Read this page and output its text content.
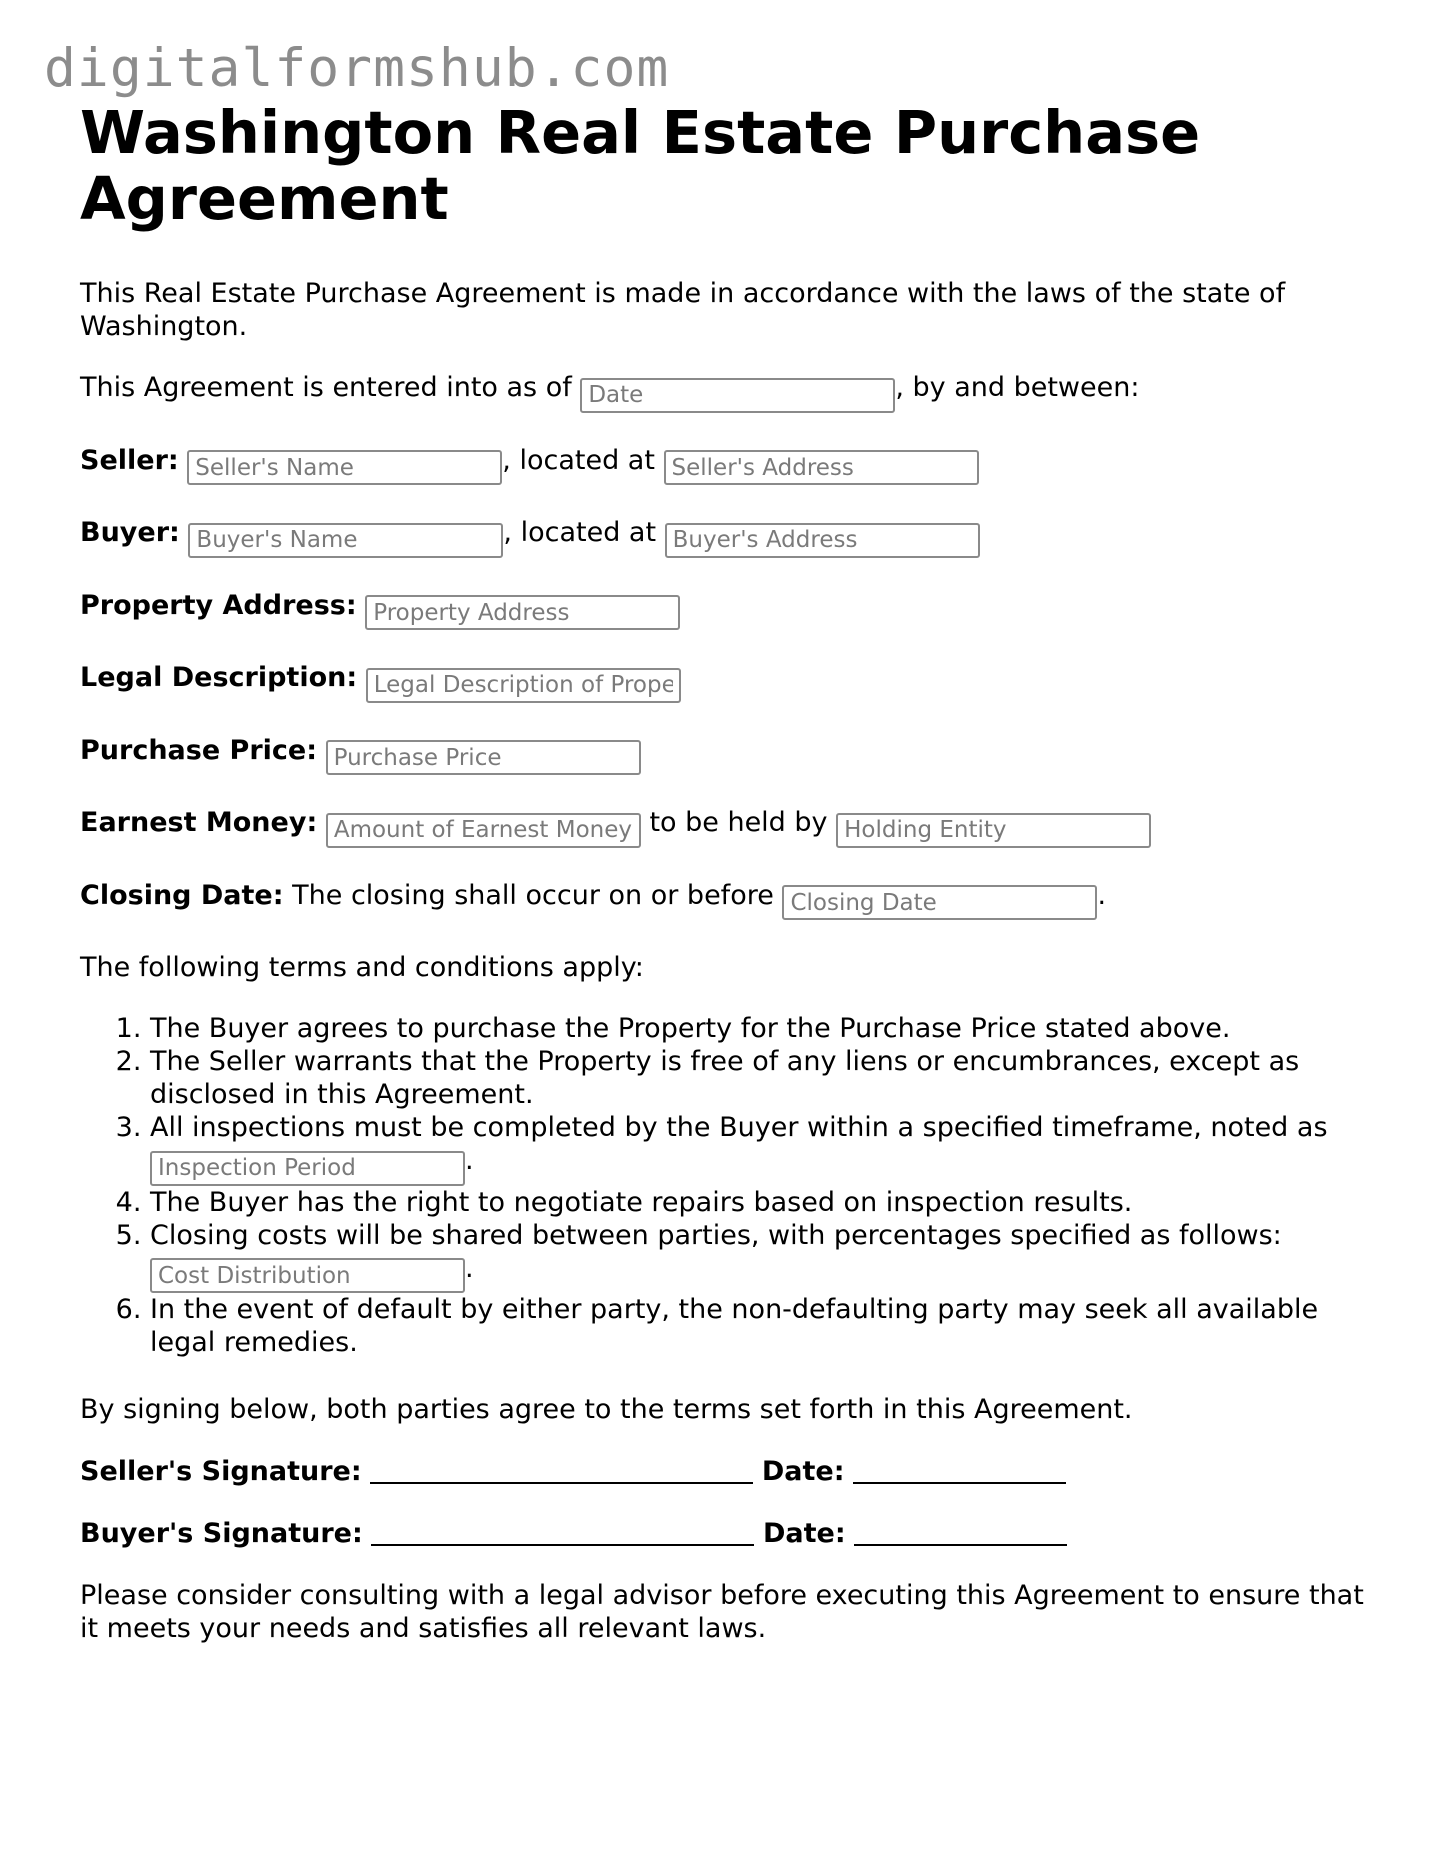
digitalformshub.com
Washington Real Estate Purchase Agreement

This Real Estate Purchase Agreement is made in accordance with the laws of the state of Washington.

This Agreement is entered into as of Date	, by and between:

Seller: Seller's Name	, located at Seller's Address

Buyer: Buyer's Name	, located at Buyer's Address

Property Address: Property Address

Legal Description: Legal Description of Property

Purchase Price: Purchase Price

Earnest Money: Amount of Earnest Money	to be held by Holding Entity

Closing Date: The closing shall occur on or before Closing Date	.

The following terms and conditions apply:

1. The Buyer agrees to purchase the Property for the Purchase Price stated above.
2. The Seller warrants that the Property is free of any liens or encumbrances, except as disclosed in this Agreement.
3. All inspections must be completed by the Buyer within a specified timeframe, noted as Inspection Period.
4. The Buyer has the right to negotiate repairs based on inspection results.
5. Closing costs will be shared between parties, with percentages specified as follows: Cost Distribution.
6. In the event of default by either party, the non-defaulting party may seek all available legal remedies.

By signing below, both parties agree to the terms set forth in this Agreement.

Seller's Signature:	Date:

Buyer's Signature:	Date:

Please consider consulting with a legal advisor before executing this Agreement to ensure that it meets your needs and satisfies all relevant laws.
